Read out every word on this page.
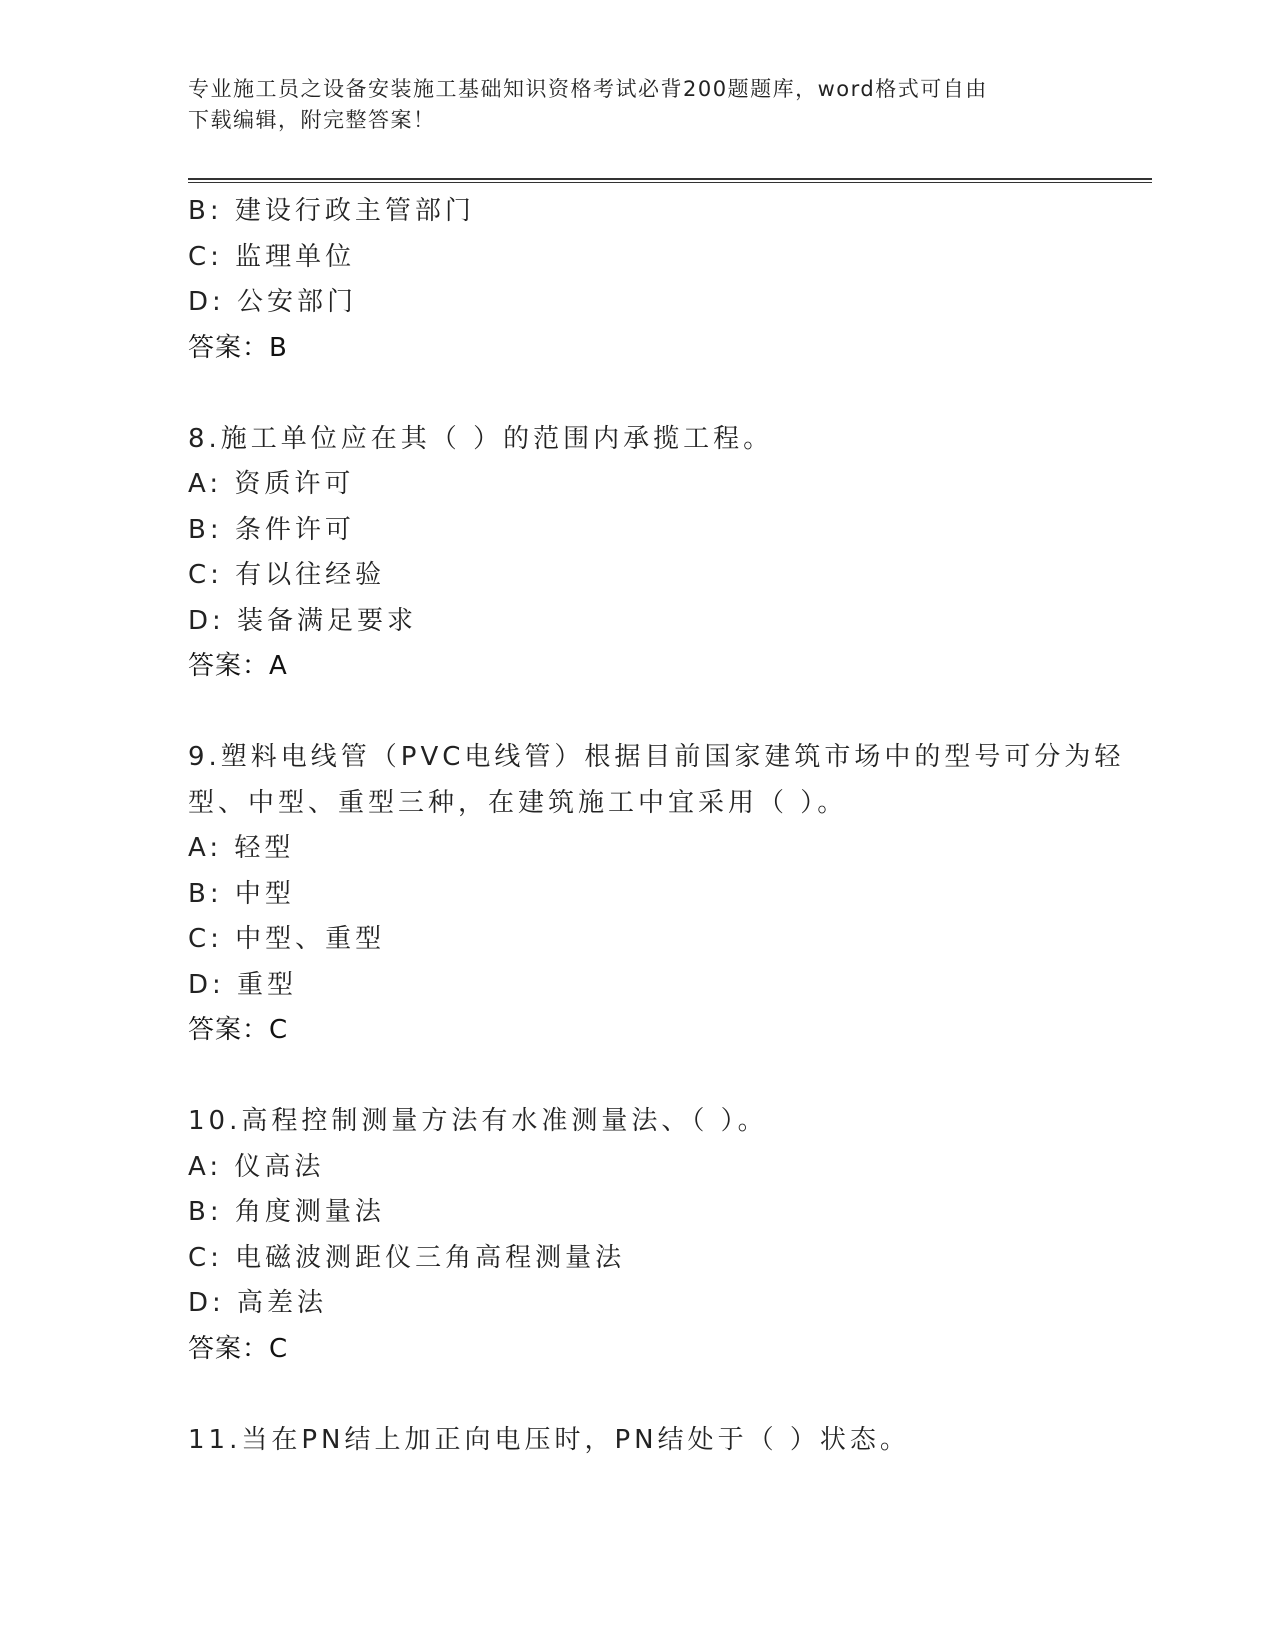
专业施工员之设备安装施工基础知识资格考试必背200题题库，word格式可自由
下载编辑，附完整答案！
B: 建设行政主管部门
C: 监理单位
D: 公安部门
答案：B
8.施工单位应在其（ ）的范围内承揽工程。
A: 资质许可
B: 条件许可
C: 有以往经验
D: 装备满足要求
答案：A
9.塑料电线管（PVC电线管）根据目前国家建筑市场中的型号可分为轻
型、中型、重型三种，在建筑施工中宜采用（ ）。
A: 轻型
B: 中型
C: 中型、重型
D: 重型
答案：C
10.高程控制测量方法有水准测量法、（ ）。
A: 仪高法
B: 角度测量法
C: 电磁波测距仪三角高程测量法
D: 高差法
答案：C
11.当在PN结上加正向电压时，PN结处于（ ）状态。
